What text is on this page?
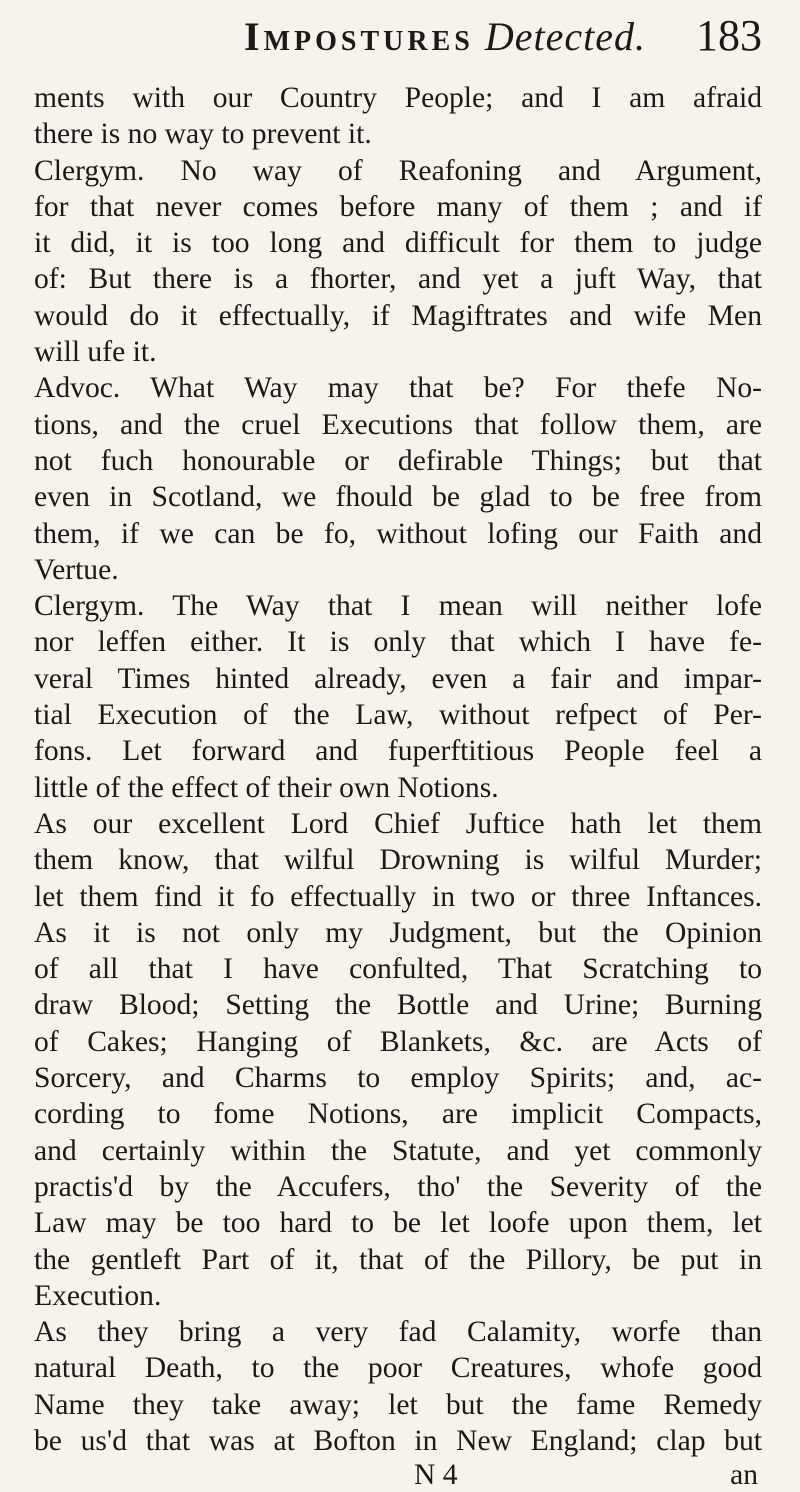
Impostures Detected. 183
ments with our Country People; and I am afraid
there is no way to prevent it.
Clergym. No way of Reafoning and Argument,
for that never comes before many of them ; and if
it did, it is too long and difficult for them to judge
of: But there is a fhorter, and yet a juft Way, that
would do it effectually, if Magiftrates and wife Men
will ufe it.
Advoc. What Way may that be? For thefe No-
tions, and the cruel Executions that follow them, are
not fuch honourable or defirable Things; but that
even in Scotland, we fhould be glad to be free from
them, if we can be fo, without lofing our Faith and
Vertue.
Clergym. The Way that I mean will neither lofe
nor leffen either. It is only that which I have fe-
veral Times hinted already, even a fair and impar-
tial Execution of the Law, without refpect of Per-
fons. Let forward and fuperftitious People feel a
little of the effect of their own Notions.
As our excellent Lord Chief Juftice hath let them
them know, that wilful Drowning is wilful Murder;
let them find it fo effectually in two or three Inftances.
As it is not only my Judgment, but the Opinion
of all that I have confulted, That Scratching to
draw Blood; Setting the Bottle and Urine; Burning
of Cakes; Hanging of Blankets, &c. are Acts of
Sorcery, and Charms to employ Spirits; and, ac-
cording to fome Notions, are implicit Compacts,
and certainly within the Statute, and yet commonly
practis'd by the Accufers, tho' the Severity of the
Law may be too hard to be let loofe upon them, let
the gentleft Part of it, that of the Pillory, be put in
Execution.
As they bring a very fad Calamity, worfe than
natural Death, to the poor Creatures, whofe good
Name they take away; let but the fame Remedy
be us'd that was at Bofton in New England; clap but
N 4	an
